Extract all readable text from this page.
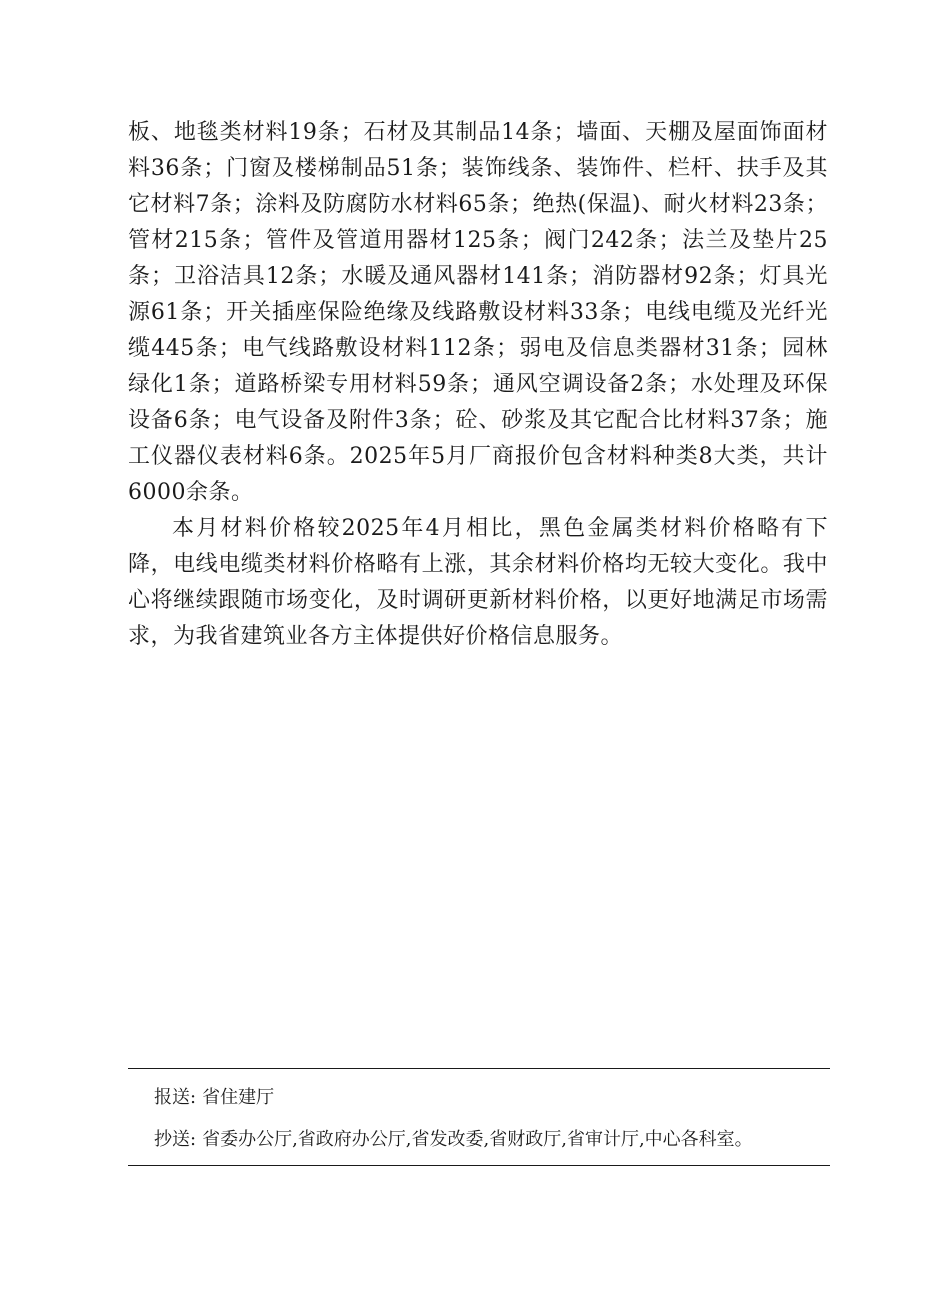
板、地毯类材料19条；石材及其制品14条；墙面、天棚及屋面饰面材料36条；门窗及楼梯制品51条；装饰线条、装饰件、栏杆、扶手及其它材料7条；涂料及防腐防水材料65条；绝热(保温)、耐火材料23条；管材215条；管件及管道用器材125条；阀门242条；法兰及垫片25条；卫浴洁具12条；水暖及通风器材141条；消防器材92条；灯具光源61条；开关插座保险绝缘及线路敷设材料33条；电线电缆及光纤光缆445条；电气线路敷设材料112条；弱电及信息类器材31条；园林绿化1条；道路桥梁专用材料59条；通风空调设备2条；水处理及环保设备6条；电气设备及附件3条；砼、砂浆及其它配合比材料37条；施工仪器仪表材料6条。2025年5月厂商报价包含材料种类8大类，共计6000余条。

本月材料价格较2025年4月相比，黑色金属类材料价格略有下降，电线电缆类材料价格略有上涨，其余材料价格均无较大变化。我中心将继续跟随市场变化，及时调研更新材料价格，以更好地满足市场需求，为我省建筑业各方主体提供好价格信息服务。

报送: 省住建厅
抄送: 省委办公厅,省政府办公厅,省发改委,省财政厅,省审计厅,中心各科室。
